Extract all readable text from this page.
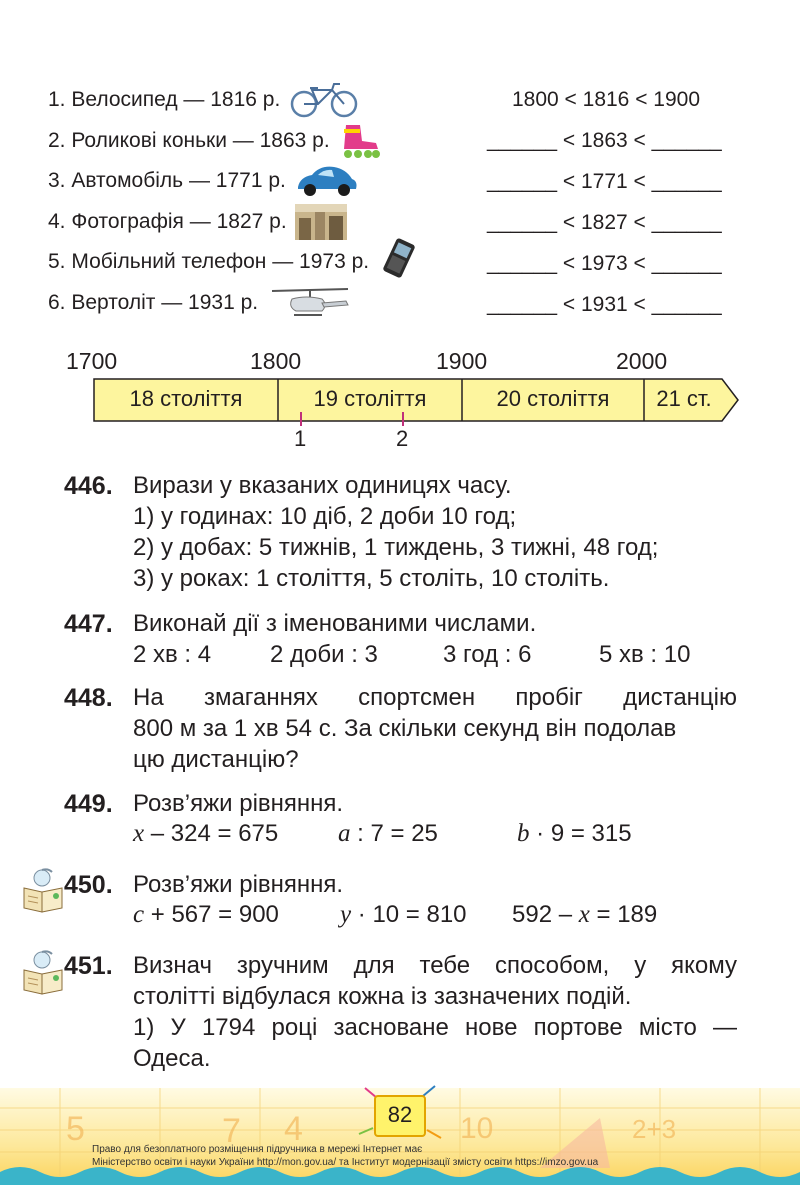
1. Велосипед — 1816 р.	1800 < 1816 < 1900
2. Роликові коньки — 1863 р.	______ < 1863 < ______
3. Автомобіль — 1771 р.	______ < 1771 < ______
4. Фотографія — 1827 р.	______ < 1827 < ______
5. Мобільний телефон — 1973 р.	______ < 1973 < ______
6. Вертоліт — 1931 р.	______ < 1931 < ______
1700	1800	1900	2000
18 століття	19 століття	20 століття	21 ст.
1	2
446. Вирази у вказаних одиницях часу.
1) у годинах: 10 діб, 2 доби 10 год;
2) у добах: 5 тижнів, 1 тиждень, 3 тижні, 48 год;
3) у роках: 1 століття, 5 століть, 10 століть.
447. Виконай дії з іменованими числами.
2 хв : 4 2 доби : 3	3 год : 6	5 хв : 10
448. На змаганнях спортсмен пробіг дистанцію
800 м за 1 хв 54 с. За скільки секунд він подолав
цю дистанцію?
449. Розв’яжи рівняння.
x – 324 = 675 a : 7 = 25	b · 9 = 315
450. Розв’яжи рівняння.
c + 567 = 900 y · 10 = 810 592 – x = 189
451. Визнач зручним для тебе способом, у якому
столітті відбулася кожна із зазначених подій.
1) У 1794 році засноване нове портове місто —
Одеса.
5	7 4	10	2+3
82
Право для безоплатного розміщення підручника в мережі Інтернет має
Міністерство освіти і науки України http://mon.gov.ua/ та Інститут модернізації змісту освіти https://imzo.gov.ua
